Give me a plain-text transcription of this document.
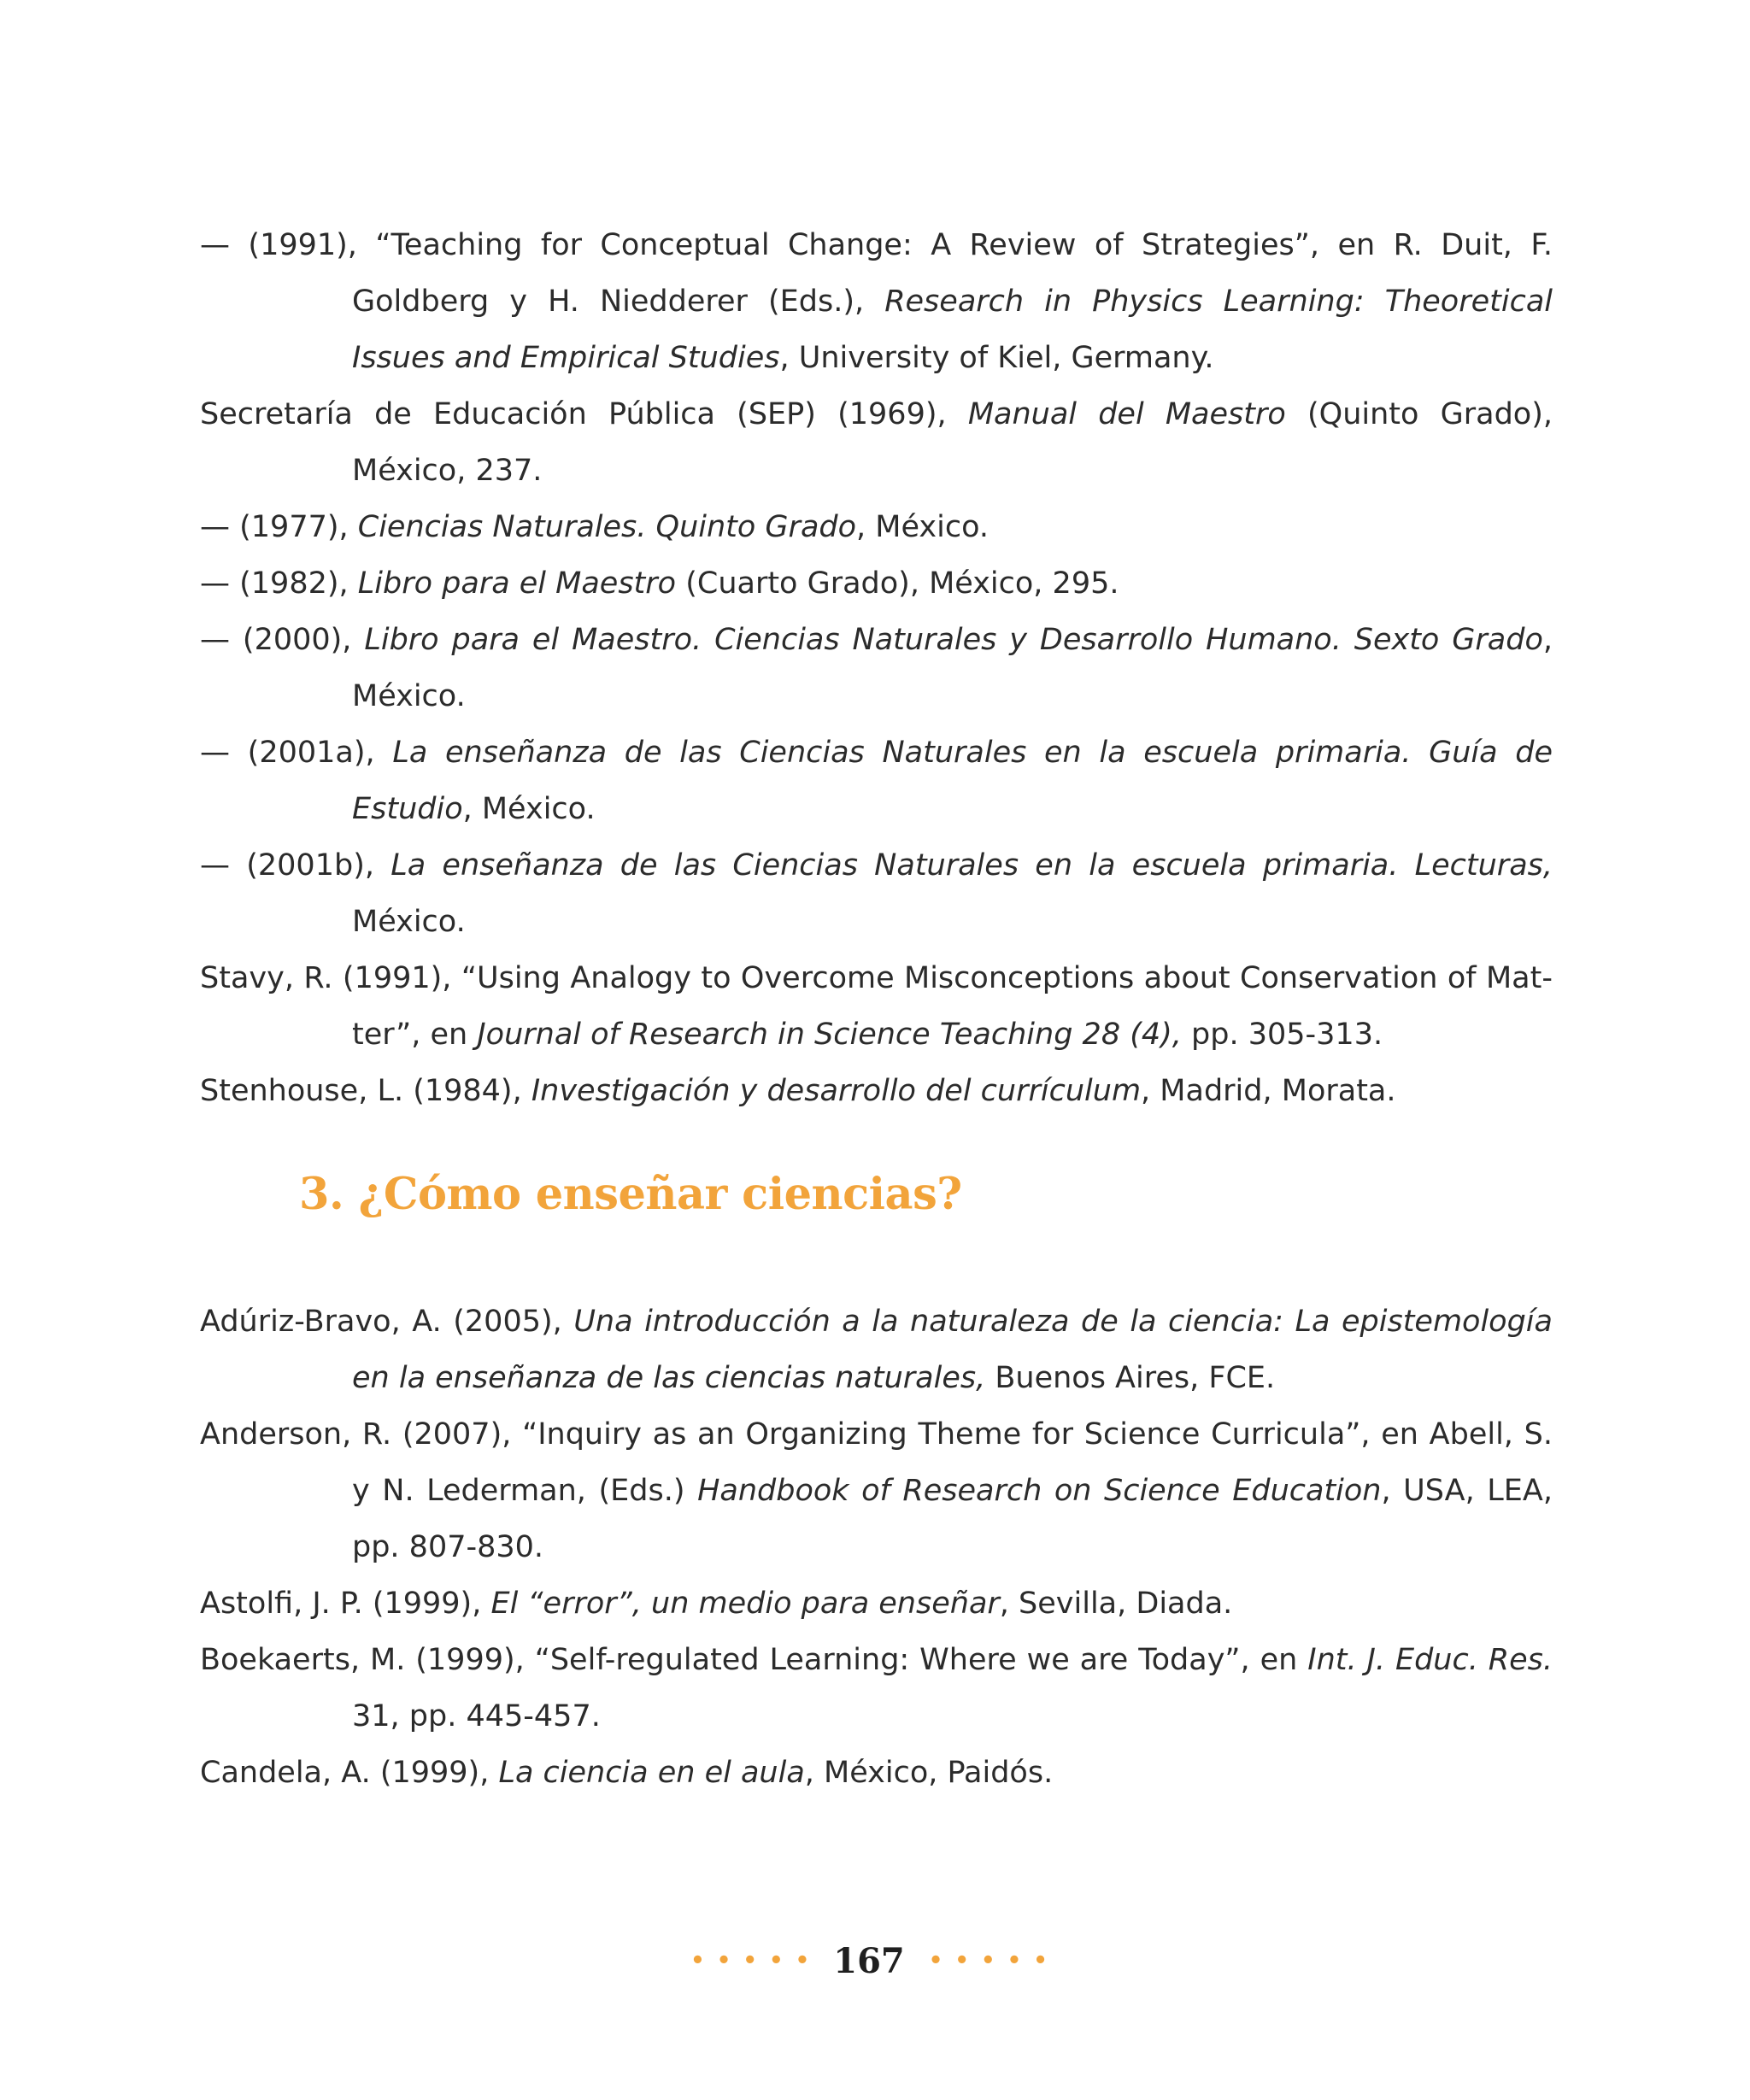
— (1991), “Teaching for Conceptual Change: A Review of Strategies”, en R. Duit, F. Goldberg y H. Niedderer (Eds.), Research in Physics Learning: Theoretical Issues and Empirical Studies, University of Kiel, Germany.

Secretaría de Educación Pública (SEP) (1969), Manual del Maestro (Quinto Grado), México, 237.

— (1977), Ciencias Naturales. Quinto Grado, México.

— (1982), Libro para el Maestro (Cuarto Grado), México, 295.

— (2000), Libro para el Maestro. Ciencias Naturales y Desarrollo Humano. Sexto Grado, México.

— (2001a), La enseñanza de las Ciencias Naturales en la escuela primaria. Guía de Estudio, México.

— (2001b), La enseñanza de las Ciencias Naturales en la escuela primaria. Lecturas, México.

Stavy, R. (1991), “Using Analogy to Overcome Misconceptions about Conservation of Matter”, en Journal of Research in Science Teaching 28 (4), pp. 305-313.

Stenhouse, L. (1984), Investigación y desarrollo del currículum, Madrid, Morata.

3. ¿Cómo enseñar ciencias?

Adúriz-Bravo, A. (2005), Una introducción a la naturaleza de la ciencia: La epistemología en la enseñanza de las ciencias naturales, Buenos Aires, FCE.

Anderson, R. (2007), “Inquiry as an Organizing Theme for Science Curricula”, en Abell, S. y N. Lederman, (Eds.) Handbook of Research on Science Education, USA, LEA, pp. 807-830.

Astolfi, J. P. (1999), El “error”, un medio para enseñar, Sevilla, Diada.

Boekaerts, M. (1999), “Self-regulated Learning: Where we are Today”, en Int. J. Educ. Res. 31, pp. 445-457.

Candela, A. (1999), La ciencia en el aula, México, Paidós.

••••• 167 •••••
